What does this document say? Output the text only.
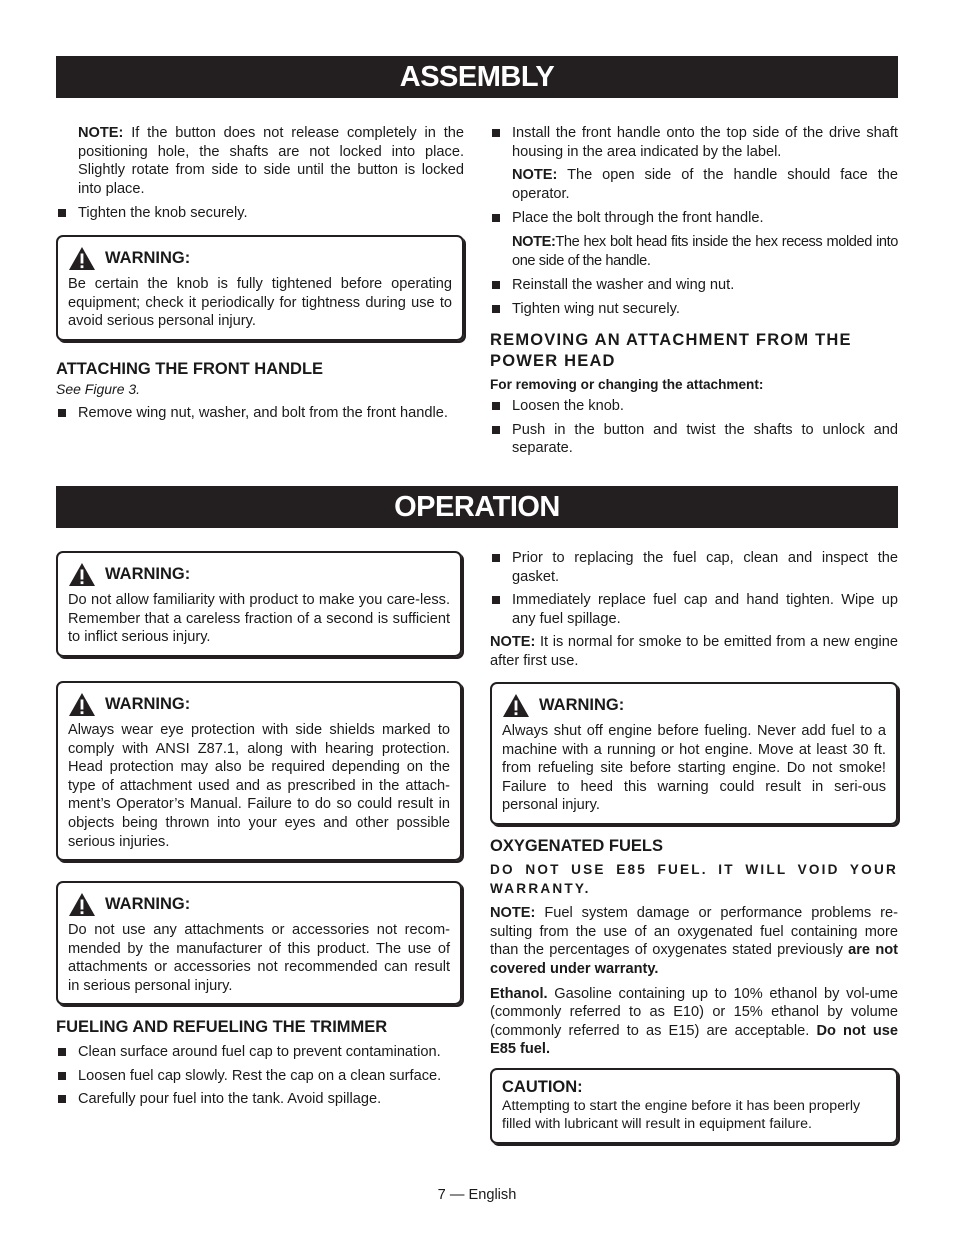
ASSEMBLY

NOTE: If the button does not release completely in the positioning hole, the shafts are not locked into place. Slightly rotate from side to side until the button is locked into place.

Tighten the knob securely.

WARNING:
Be certain the knob is fully tightened before operating equipment; check it periodically for tightness during use to avoid serious personal injury.

ATTACHING THE FRONT HANDLE

See Figure 3.

Remove wing nut, washer, and bolt from the front handle.

Install the front handle onto the top side of the drive shaft housing in the area indicated by the label.

NOTE: The open side of the handle should face the operator.

Place the bolt through the front handle.

NOTE:The hex bolt head fits inside the hex recess molded into one side of the handle.

Reinstall the washer and wing nut.

Tighten wing nut securely.

REMOVING AN ATTACHMENT FROM THE POWER HEAD

For removing or changing the attachment:

Loosen the knob.

Push in the button and twist the shafts to unlock and separate.

OPERATION
WARNING:
Do not allow familiarity with product to make you care-less. Remember that a careless fraction of a second is sufficient to inflict serious injury.
WARNING:
Always wear eye protection with side shields marked to comply with ANSI Z87.1, along with hearing protection. Head protection may also be required depending on the type of attachment used and as prescribed in the attach-ment’s Operator’s Manual. Failure to do so could result in objects being thrown into your eyes and other possible serious injuries.
WARNING:
Do not use any attachments or accessories not recom-mended by the manufacturer of this product. The use of attachments or accessories not recommended can result in serious personal injury.

FUELING AND REFUELING THE TRIMMER

Clean surface around fuel cap to prevent contamination.

Loosen fuel cap slowly. Rest the cap on a clean surface.

Carefully pour fuel into the tank. Avoid spillage.

Prior to replacing the fuel cap, clean and inspect the gasket.

Immediately replace fuel cap and hand tighten. Wipe up any fuel spillage.

NOTE: It is normal for smoke to be emitted from a new engine after first use.

WARNING:
Always shut off engine before fueling. Never add fuel to a machine with a running or hot engine. Move at least 30 ft. from refueling site before starting engine. Do not smoke! Failure to heed this warning could result in seri-ous personal injury.

OXYGENATED FUELS

DO NOT USE E85 FUEL. IT WILL VOID YOUR WARRANTY.

NOTE: Fuel system damage or performance problems re-sulting from the use of an oxygenated fuel containing more than the percentages of oxygenates stated previously are not covered under warranty.

Ethanol. Gasoline containing up to 10% ethanol by vol-ume (commonly referred to as E10) or 15% ethanol by volume (commonly referred to as E15) are acceptable. Do not use E85 fuel.

CAUTION:
Attempting to start the engine before it has been properly filled with lubricant will result in equipment failure.
7 — English
